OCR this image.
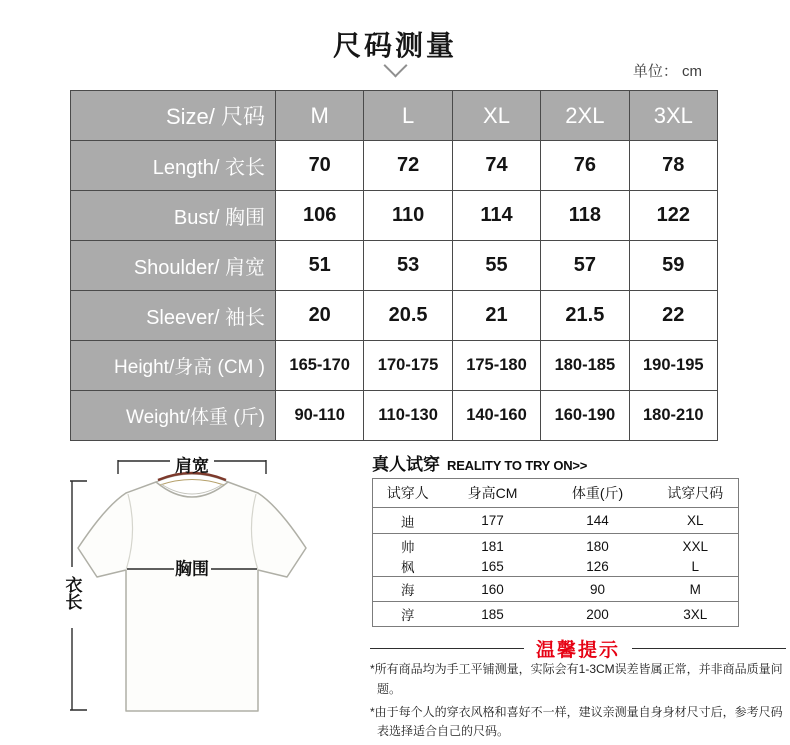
尺码测量
单位： cm
Size/ 尺码	M	L	XL	2XL	3XL
Length/ 衣长	70	72	74	76	78
Bust/ 胸围	106	110	114	118	122
Shoulder/ 肩宽	51	53	55	57	59
Sleever/ 袖长	20	20.5	21	21.5	22
Height/身高 (CM )	165-170	170-175	175-180	180-185	190-195
Weight/体重 (斤)	90-110	110-130	140-160	160-190	180-210
肩宽
衣长
胸围
真人试穿 REALITY TO TRY ON>>
试穿人	身高CM	体重(斤)	试穿尺码
迪	177	144	XL
帅	181	180	XXL
枫	165	126	L
海	160	90	M
淳	185	200	3XL
温馨提示

*所有商品均为手工平铺测量，实际会有1-3CM误差皆属正常，并非商品质量问题。

*由于每个人的穿衣风格和喜好不一样，建议亲测量自身身材尺寸后，参考尺码表选择适合自己的尺码。
